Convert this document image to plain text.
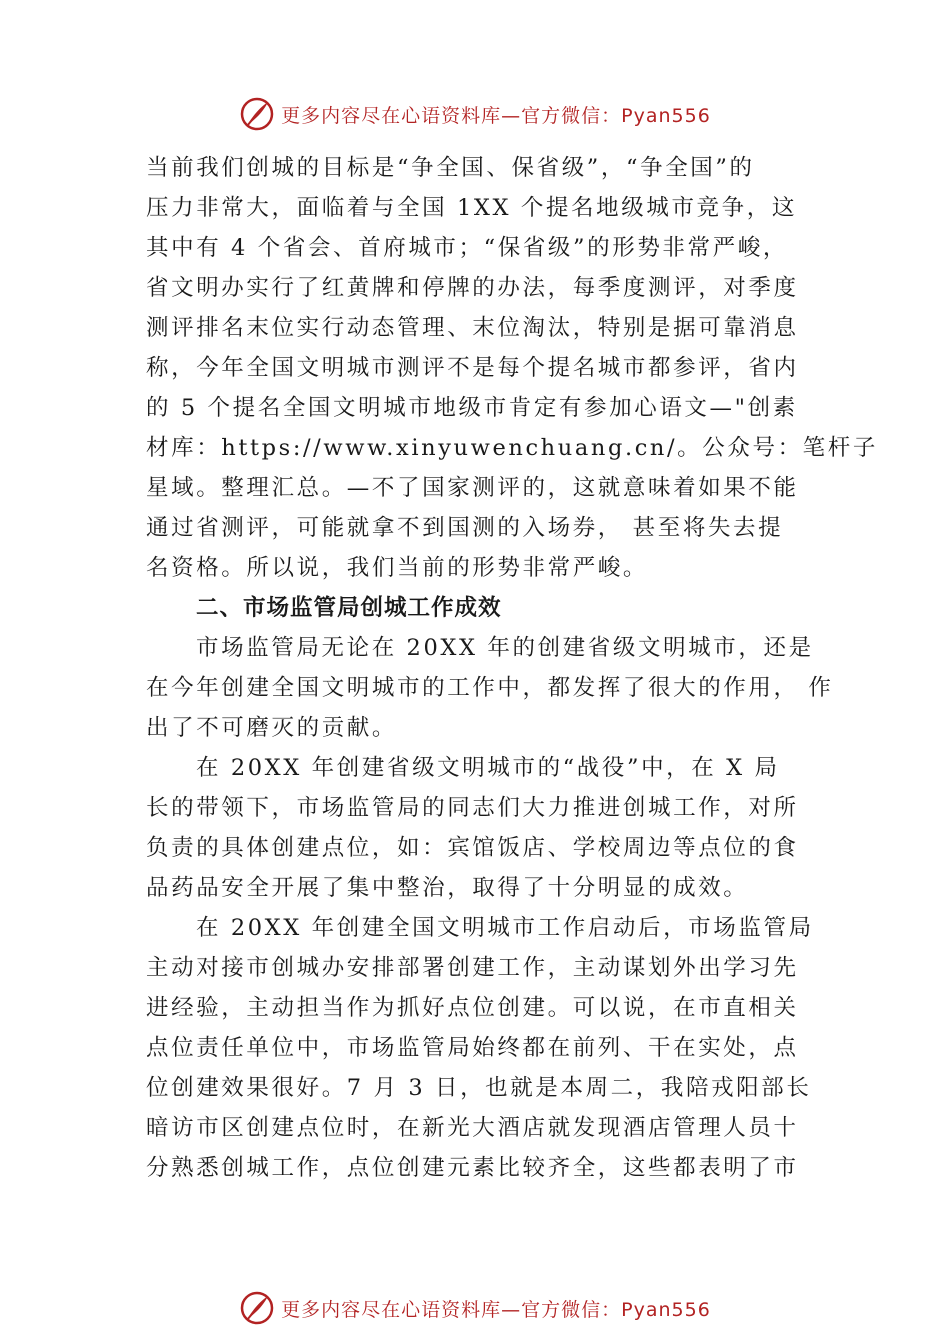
更多内容尽在心语资料库—官方微信：Pyan556

当前我们创城的目标是“争全国、保省级”，“争全国”的
压力非常大，面临着与全国 1XX 个提名地级城市竞争，这
其中有 4 个省会、首府城市；“保省级”的形势非常严峻，
省文明办实行了红黄牌和停牌的办法，每季度测评，对季度
测评排名末位实行动态管理、末位淘汰，特别是据可靠消息
称，今年全国文明城市测评不是每个提名城市都参评，省内
的 5 个提名全国文明城市地级市肯定有参加心语文—"创素
材库：https://www.xinyuwenchuang.cn/。公众号：笔杆子
星域。整理汇总。—不了国家测评的，这就意味着如果不能
通过省测评，可能就拿不到国测的入场券， 甚至将失去提
名资格。所以说，我们当前的形势非常严峻。

二、市场监管局创城工作成效

市场监管局无论在 20XX 年的创建省级文明城市，还是
在今年创建全国文明城市的工作中，都发挥了很大的作用， 作
出了不可磨灭的贡献。

在 20XX 年创建省级文明城市的“战役”中，在 X 局
长的带领下，市场监管局的同志们大力推进创城工作，对所
负责的具体创建点位，如：宾馆饭店、学校周边等点位的食
品药品安全开展了集中整治，取得了十分明显的成效。

在 20XX 年创建全国文明城市工作启动后，市场监管局
主动对接市创城办安排部署创建工作，主动谋划外出学习先
进经验，主动担当作为抓好点位创建。可以说，在市直相关
点位责任单位中，市场监管局始终都在前列、干在实处，点
位创建效果很好。7 月 3 日，也就是本周二，我陪戎阳部长
暗访市区创建点位时，在新光大酒店就发现酒店管理人员十
分熟悉创城工作，点位创建元素比较齐全，这些都表明了市

更多内容尽在心语资料库—官方微信：Pyan556
